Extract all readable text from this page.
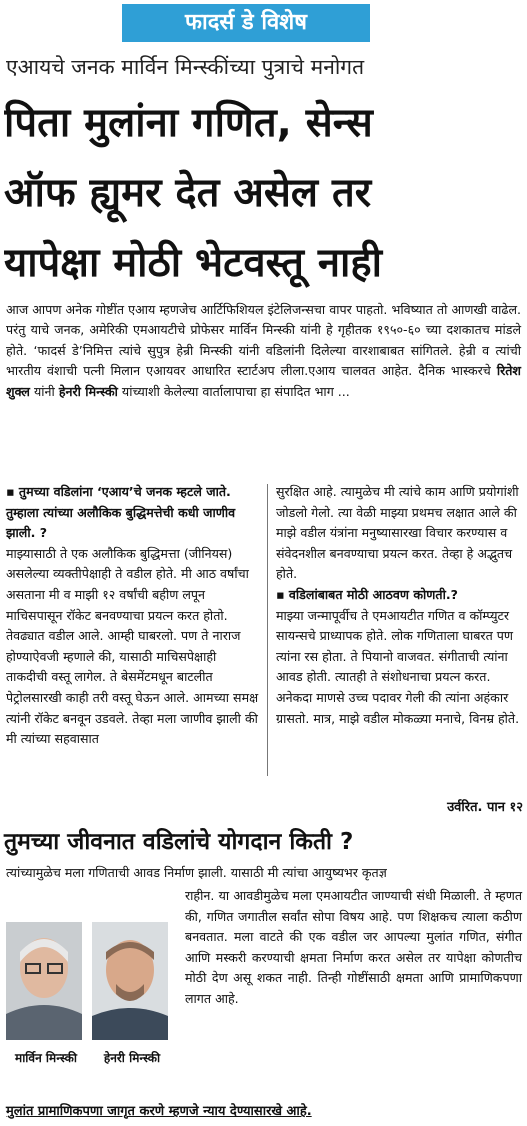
फादर्स डे विशेष
एआयचे जनक मार्विन मिन्स्कींच्या पुत्राचे मनोगत
पिता मुलांना गणित, सेन्स
ऑफ ह्यूमर देत असेल तर
यापेक्षा मोठी भेटवस्तू नाही
आज आपण अनेक गोष्टींत एआय म्हणजेच आर्टिफिशियल इंटेलिजन्सचा वापर पाहतो. भविष्यात तो आणखी वाढेल. परंतु याचे जनक, अमेरिकी एमआयटीचे प्रोफेसर मार्विन मिन्स्की यांनी हे गृहीतक १९५०-६० च्या दशकातच मांडले होते. ‘फादर्स डे’निमित्त त्यांचे सुपुत्र हेन्री मिन्स्की यांनी वडिलांनी दिलेल्या वारशाबाबत सांगितले. हेन्री व त्यांची भारतीय वंशाची पत्नी मिलान एआयवर आधारित स्टार्टअप लीला.एआय चालवत आहेत. दैनिक भास्करचे रितेश शुक्ल यांनी हेनरी मिन्स्की यांच्याशी केलेल्या वार्तालापाचा हा संपादित भाग ...
▪ तुमच्या वडिलांना ‘एआय’चे जनक म्हटले जाते. तुम्हाला त्यांच्या अलौकिक बुद्धिमत्तेची कधी जाणीव झाली. ?
माझ्यासाठी ते एक अलौकिक बुद्धिमत्ता (जीनियस) असलेल्या व्यक्तीपेक्षाही ते वडील होते. मी आठ वर्षांचा असताना मी व माझी १२ वर्षांची बहीण लपून माचिसपासून रॉकेट बनवण्याचा प्रयत्न करत होतो. तेवढ्यात वडील आले. आम्ही घाबरलो. पण ते नाराज होण्याऐवजी म्हणाले की, यासाठी माचिसपेक्षाही ताकदीची वस्तू लागेल. ते बेसमेंटमधून बाटलीत पेट्रोलसारखी काही तरी वस्तू घेऊन आले. आमच्या समक्ष त्यांनी रॉकेट बनवून उडवले. तेव्हा मला जाणीव झाली की मी त्यांच्या सहवासात
सुरक्षित आहे. त्यामुळेच मी त्यांचे काम आणि प्रयोगांशी जोडलो गेलो. त्या वेळी माझ्या प्रथमच लक्षात आले की माझे वडील यंत्रांना मनुष्यासारखा विचार करण्यास व संवेदनशील बनवण्याचा प्रयत्न करत. तेव्हा हे अद्भुतच होते.
▪ वडिलांबाबत मोठी आठवण कोणती.?
माझ्या जन्मापूर्वीच ते एमआयटीत गणित व कॉम्प्युटर सायन्सचे प्राध्यापक होते. लोक गणिताला घाबरत पण त्यांना रस होता. ते पियानो वाजवत. संगीताची त्यांना आवड होती. त्यातही ते संशोधनाचा प्रयत्न करत. अनेकदा माणसे उच्च पदावर गेली की त्यांना अहंकार ग्रासतो. मात्र, माझे वडील मोकळ्या मनाचे, विनम्र होते.
उर्वरित. पान १२
तुमच्या जीवनात वडिलांचे योगदान किती ?
त्यांच्यामुळेच मला गणिताची आवड निर्माण झाली. यासाठी मी त्यांचा आयुष्यभर कृतज्ञ
मार्विन मिन्स्की	हेनरी मिन्स्की
राहीन. या आवडीमुळेच मला एमआयटीत जाण्याची संधी मिळाली. ते म्हणत की, गणित जगातील सर्वांत सोपा विषय आहे. पण शिक्षकच त्याला कठीण बनवतात. मला वाटते की एक वडील जर आपल्या मुलांत गणित, संगीत आणि मस्करी करण्याची क्षमता निर्माण करत असेल तर यापेक्षा कोणतीच मोठी देण असू शकत नाही. तिन्ही गोष्टींसाठी क्षमता आणि प्रामाणिकपणा लागत आहे.
मुलांत प्रामाणिकपणा जागृत करणे म्हणजे न्याय देण्यासारखे आहे.
